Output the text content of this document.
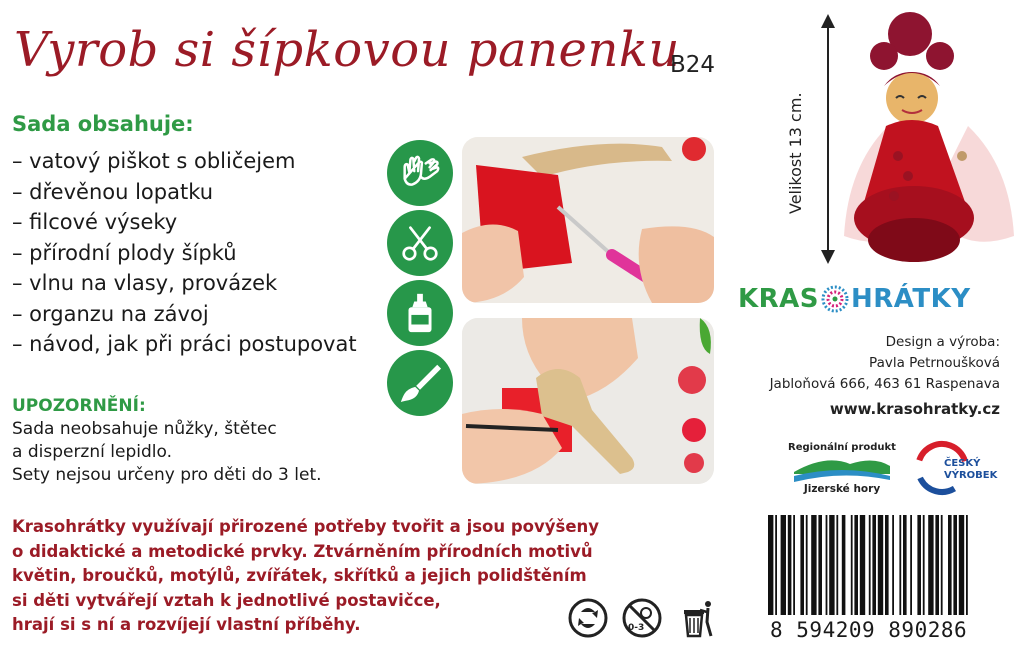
Vyrob si šípkovou panenku
B24
Sada obsahuje:
– vatový piškot s obličejem
– dřevěnou lopatku
– filcové výseky
– přírodní plody šípků
– vlnu na vlasy, provázek
– organzu na závoj
– návod, jak při práci postupovat
UPOZORNĚNÍ:
Sada neobsahuje nůžky, štětec
a disperzní lepidlo.
Sety nejsou určeny pro děti do 3 let.
Krasohrátky využívají přirozené potřeby tvořit a jsou povýšeny
o didaktické a metodické prvky. Ztvárněním přírodních motivů
květin, broučků, motýlů, zvířátek, skřítků a jejich polidštěním
si děti vytvářejí vztah k jednotlivé postavičce,
hrají si s ní a rozvíjejí vlastní příběhy.	0-3
Velikost 13 cm.
KRAS HRÁTKY
Design a výroba:
Pavla Petrnoušková
Jabloňová 666, 463 61 Raspenava
www.krasohratky.cz
Regionální produkt
Jizerské hory
ČESKÝ
VÝROBEK
8 594209 890286
